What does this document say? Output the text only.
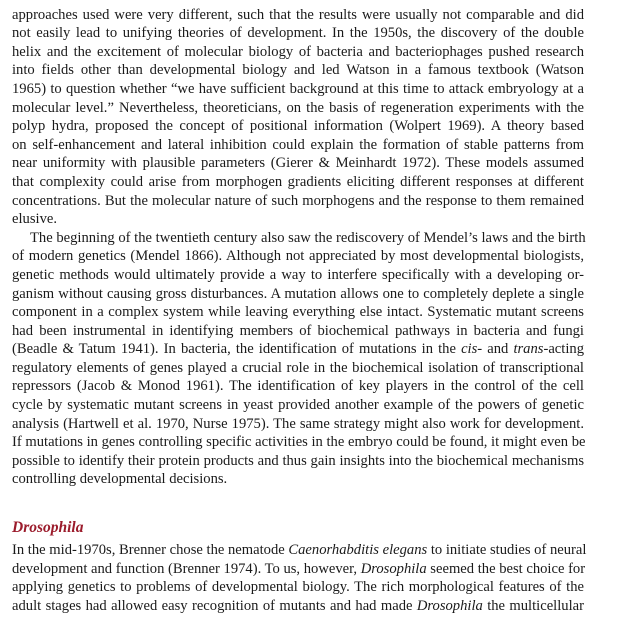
approaches used were very different, such that the results were usually not comparable and did
not easily lead to unifying theories of development. In the 1950s, the discovery of the double
helix and the excitement of molecular biology of bacteria and bacteriophages pushed research
into fields other than developmental biology and led Watson in a famous textbook (Watson
1965) to question whether “we have sufficient background at this time to attack embryology at a
molecular level.” Nevertheless, theoreticians, on the basis of regeneration experiments with the
polyp hydra, proposed the concept of positional information (Wolpert 1969). A theory based
on self-enhancement and lateral inhibition could explain the formation of stable patterns from
near uniformity with plausible parameters (Gierer & Meinhardt 1972). These models assumed
that complexity could arise from morphogen gradients eliciting different responses at different
concentrations. But the molecular nature of such morphogens and the response to them remained
elusive.
The beginning of the twentieth century also saw the rediscovery of Mendel’s laws and the birth
of modern genetics (Mendel 1866). Although not appreciated by most developmental biologists,
genetic methods would ultimately provide a way to interfere specifically with a developing or-
ganism without causing gross disturbances. A mutation allows one to completely deplete a single
component in a complex system while leaving everything else intact. Systematic mutant screens
had been instrumental in identifying members of biochemical pathways in bacteria and fungi
(Beadle & Tatum 1941). In bacteria, the identification of mutations in the cis- and trans-acting
regulatory elements of genes played a crucial role in the biochemical isolation of transcriptional
repressors (Jacob & Monod 1961). The identification of key players in the control of the cell
cycle by systematic mutant screens in yeast provided another example of the powers of genetic
analysis (Hartwell et al. 1970, Nurse 1975). The same strategy might also work for development.
If mutations in genes controlling specific activities in the embryo could be found, it might even be
possible to identify their protein products and thus gain insights into the biochemical mechanisms
controlling developmental decisions.
Drosophila
In the mid-1970s, Brenner chose the nematode Caenorhabditis elegans to initiate studies of neural
development and function (Brenner 1974). To us, however, Drosophila seemed the best choice for
applying genetics to problems of developmental biology. The rich morphological features of the
adult stages had allowed easy recognition of mutants and had made Drosophila the multicellular
